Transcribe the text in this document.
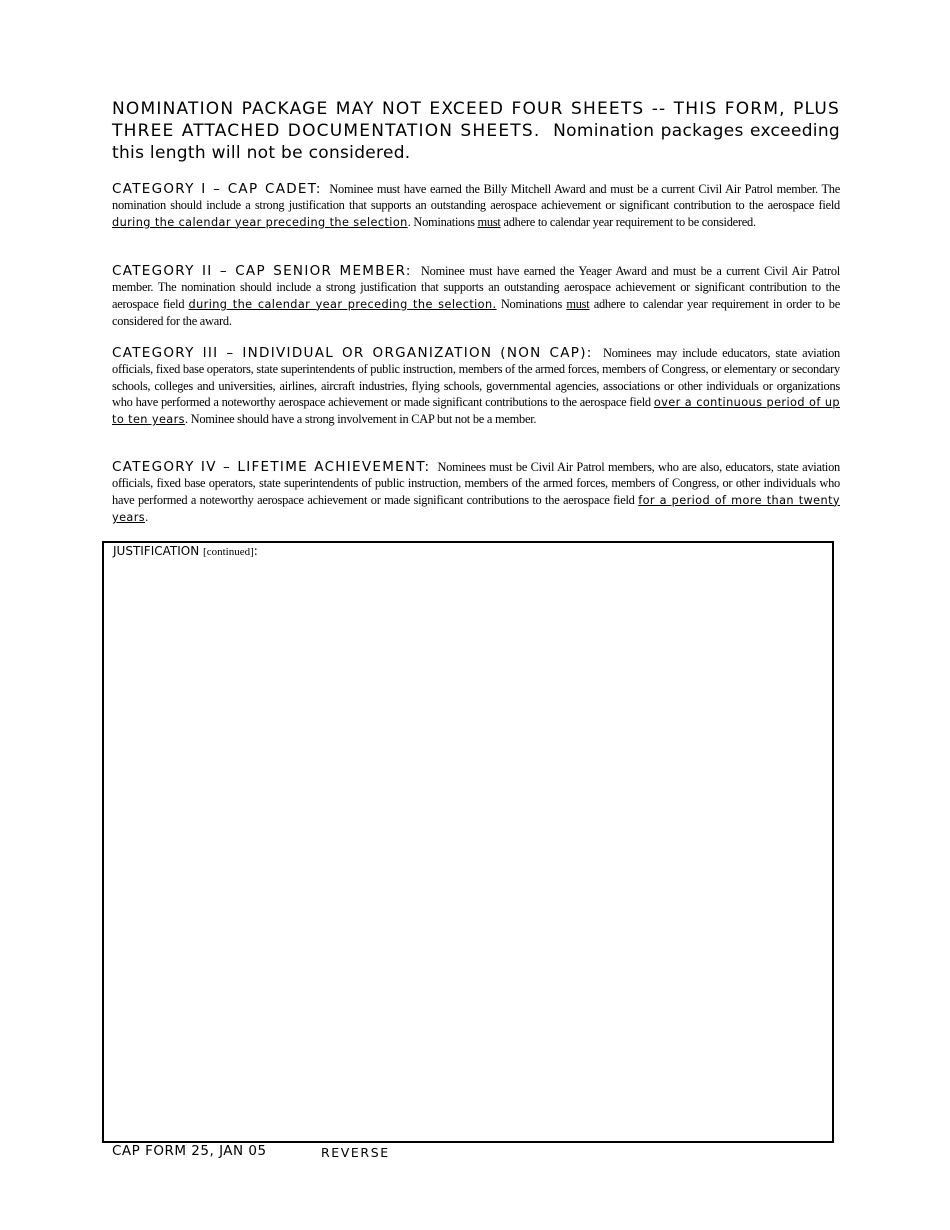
NOMINATION PACKAGE MAY NOT EXCEED FOUR SHEETS -- THIS FORM, PLUS THREE ATTACHED DOCUMENTATION SHEETS. Nomination packages exceeding this length will not be considered.
CATEGORY I – CAP CADET: Nominee must have earned the Billy Mitchell Award and must be a current Civil Air Patrol member. The nomination should include a strong justification that supports an outstanding aerospace achievement or significant contribution to the aerospace field during the calendar year preceding the selection. Nominations must adhere to calendar year requirement to be considered.
CATEGORY II – CAP SENIOR MEMBER: Nominee must have earned the Yeager Award and must be a current Civil Air Patrol member. The nomination should include a strong justification that supports an outstanding aerospace achievement or significant contribution to the aerospace field during the calendar year preceding the selection. Nominations must adhere to calendar year requirement in order to be considered for the award.
CATEGORY III – INDIVIDUAL OR ORGANIZATION (NON CAP): Nominees may include educators, state aviation officials, fixed base operators, state superintendents of public instruction, members of the armed forces, members of Congress, or elementary or secondary schools, colleges and universities, airlines, aircraft industries, flying schools, governmental agencies, associations or other individuals or organizations who have performed a noteworthy aerospace achievement or made significant contributions to the aerospace field over a continuous period of up to ten years. Nominee should have a strong involvement in CAP but not be a member.
CATEGORY IV – LIFETIME ACHIEVEMENT: Nominees must be Civil Air Patrol members, who are also, educators, state aviation officials, fixed base operators, state superintendents of public instruction, members of the armed forces, members of Congress, or other individuals who have performed a noteworthy aerospace achievement or made significant contributions to the aerospace field for a period of more than twenty years.
JUSTIFICATION [continued]:
CAP FORM 25, JAN 05	REVERSE
